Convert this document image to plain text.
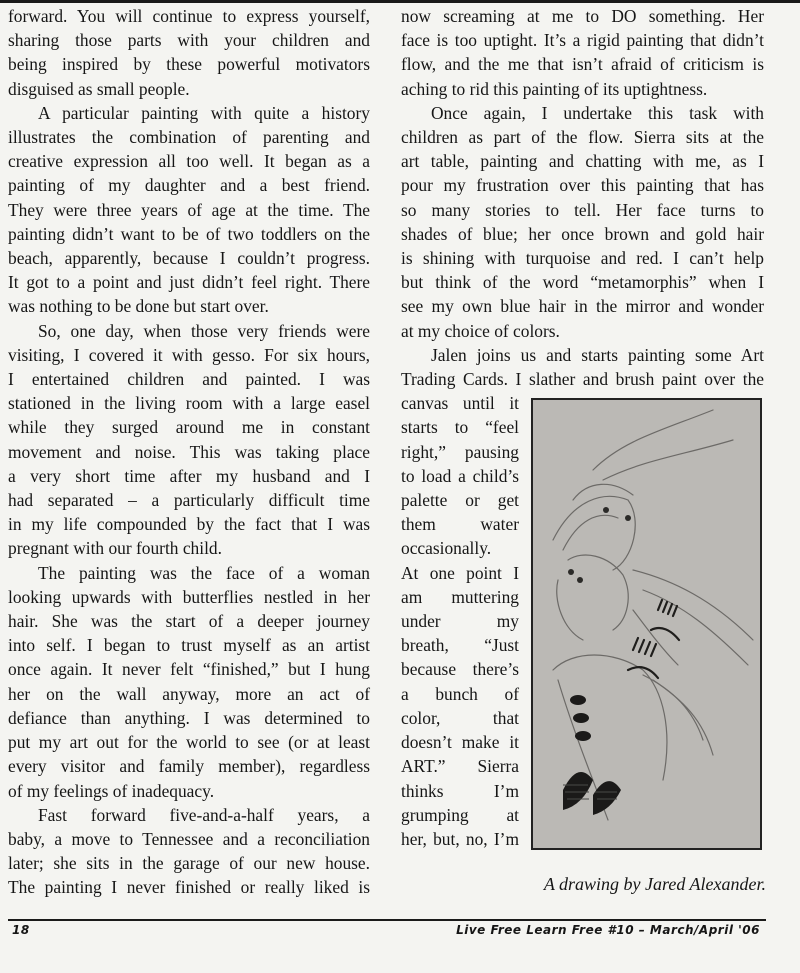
forward. You will continue to express yourself,
sharing those parts with your children and
being inspired by these powerful motivators
disguised as small people.

A particular painting with quite a history
illustrates the combination of parenting and
creative expression all too well. It began as a
painting of my daughter and a best friend.
They were three years of age at the time. The
painting didn’t want to be of two toddlers on the
beach, apparently, because I couldn’t progress.
It got to a point and just didn’t feel right. There
was nothing to be done but start over.

So, one day, when those very friends were
visiting, I covered it with gesso. For six hours,
I entertained children and painted. I was
stationed in the living room with a large easel
while they surged around me in constant
movement and noise. This was taking place
a very short time after my husband and I
had separated – a particularly difficult time
in my life compounded by the fact that I was
pregnant with our fourth child.

The painting was the face of a woman
looking upwards with butterflies nestled in her
hair. She was the start of a deeper journey
into self. I began to trust myself as an artist
once again. It never felt “finished,” but I hung
her on the wall anyway, more an act of
defiance than anything. I was determined to
put my art out for the world to see (or at least
every visitor and family member), regardless
of my feelings of inadequacy.

Fast forward five-and-a-half years, a
baby, a move to Tennessee and a reconciliation
later; she sits in the garage of our new house.
The painting I never finished or really liked is

now screaming at me to DO something. Her
face is too uptight. It’s a rigid painting that didn’t
flow, and the me that isn’t afraid of criticism is
aching to rid this painting of its uptightness.

Once again, I undertake this task with
children as part of the flow. Sierra sits at the
art table, painting and chatting with me, as I
pour my frustration over this painting that has
so many stories to tell. Her face turns to
shades of blue; her once brown and gold hair
is shining with turquoise and red. I can’t help
but think of the word “metamorphis” when I
see my own blue hair in the mirror and wonder
at my choice of colors.

Jalen joins us and starts painting some Art
Trading Cards. I slather and brush paint over the

canvas until it
starts to “feel
right,” pausing
to load a child’s
palette or get
them water
occasionally.
At one point I
am muttering
under my
breath, “Just
because there’s
a bunch of
color, that
doesn’t make it
ART.” Sierra
thinks I’m
grumping at
her, but, no, I’m
A drawing by Jared Alexander.
18	Live Free Learn Free #10 – March/April '06
